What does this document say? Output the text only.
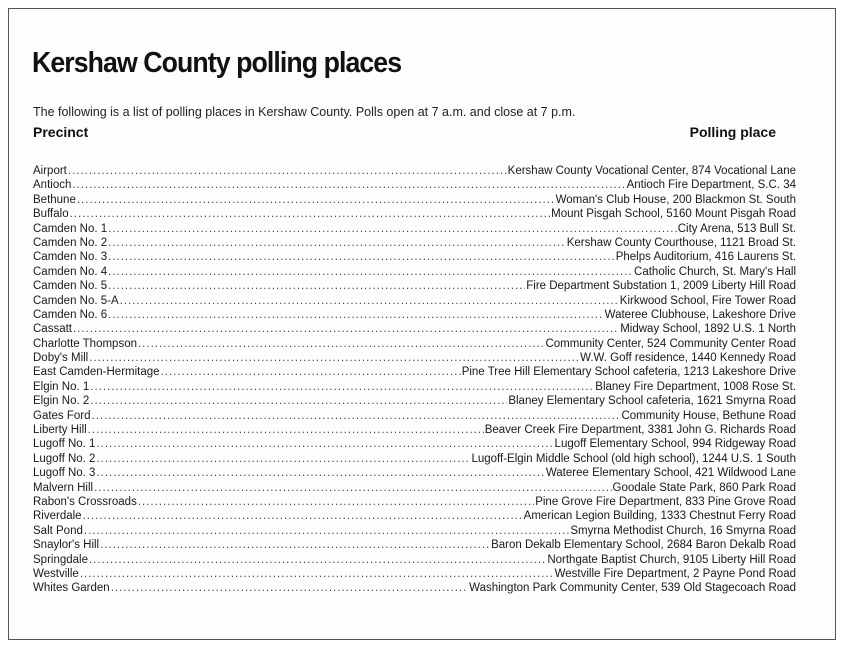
Kershaw County polling places

The following is a list of polling places in Kershaw County. Polls open at 7 a.m. and close at 7 p.m.

Precinct	Polling place
Airport .....	Kershaw County Vocational Center, 874 Vocational Lane
Antioch .....	Antioch Fire Department, S.C. 34
Bethune .....	Woman's Club House, 200 Blackmon St. South
Buffalo .....	Mount Pisgah School, 5160 Mount Pisgah Road
Camden No. 1 .....	City Arena, 513 Bull St.
Camden No. 2 .....	Kershaw County Courthouse, 1121 Broad St.
Camden No. 3 .....	Phelps Auditorium, 416 Laurens St.
Camden No. 4 .....	Catholic Church, St. Mary's Hall
Camden No. 5 .....	Fire Department Substation 1, 2009 Liberty Hill Road
Camden No. 5-A .....	Kirkwood School, Fire Tower Road
Camden No. 6 .....	Wateree Clubhouse, Lakeshore Drive
Cassatt .....	Midway School, 1892 U.S. 1 North
Charlotte Thompson .....	Community Center, 524 Community Center Road
Doby's Mill .....	W.W. Goff residence, 1440 Kennedy Road
East Camden-Hermitage .....	Pine Tree Hill Elementary School cafeteria, 1213 Lakeshore Drive
Elgin No. 1 .....	Blaney Fire Department, 1008 Rose St.
Elgin No. 2 .....	Blaney Elementary School cafeteria, 1621 Smyrna Road
Gates Ford .....	Community House, Bethune Road
Liberty Hill .....	Beaver Creek Fire Department, 3381 John G. Richards Road
Lugoff No. 1 .....	Lugoff Elementary School, 994 Ridgeway Road
Lugoff No. 2 .....	Lugoff-Elgin Middle School (old high school), 1244 U.S. 1 South
Lugoff No. 3 .....	Wateree Elementary School, 421 Wildwood Lane
Malvern Hill .....	Goodale State Park, 860 Park Road
Rabon's Crossroads .....	Pine Grove Fire Department, 833 Pine Grove Road
Riverdale .....	American Legion Building, 1333 Chestnut Ferry Road
Salt Pond .....	Smyrna Methodist Church, 16 Smyrna Road
Snaylor's Hill .....	Baron Dekalb Elementary School, 2684 Baron Dekalb Road
Springdale .....	Northgate Baptist Church, 9105 Liberty Hill Road
Westville .....	Westville Fire Department, 2 Payne Pond Road
Whites Garden .....	Washington Park Community Center, 539 Old Stagecoach Road
